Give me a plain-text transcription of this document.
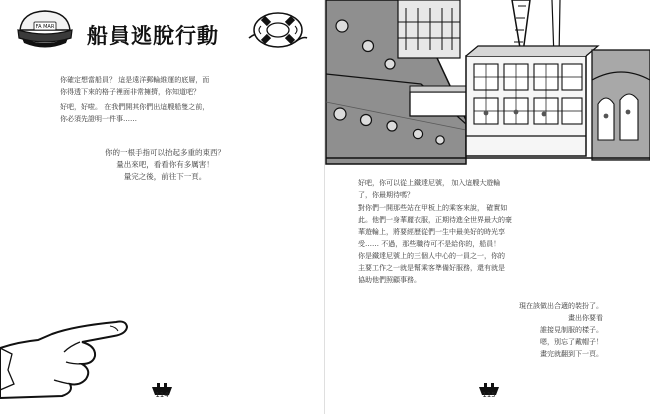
FA MAR 船員逃脫行動
你確定想當船員？ 這是遠洋郵輪維運的底層，而
你得透下來的格子裡面非常擁擠，你知道吧？
好吧，好啦。 在我們開其你們出這艘船隻之前，
你必須先證明一件事……
你的一根手指可以抬起多重的東西？
量出來吧，看看你有多厲害！
量完之後，前往下一頁。
114
好吧，你可以從上鐵達尼號， 加入這艘大遊輪
了，你最期待嗎？
對你們一開那些站在甲板上的乘客來說， 確實如
此。他們一身華麗衣服，正期待進全世界最大的豪
華遊輪上，將要經歷從們一生中最美好的時光享
受…… 不過，那些職待可不是給你的，船員！
你是鐵達尼號上的三個人中心的一員之一，你的
主要工作之一就是幫乘客準備好服務，還有就是
協助他們照顧事務。
現在該做出合適的裝扮了。
畫出你要看
誰接見制服的樣子。
嗯，別忘了戴帽子！
畫完就翻到下一頁。
115
